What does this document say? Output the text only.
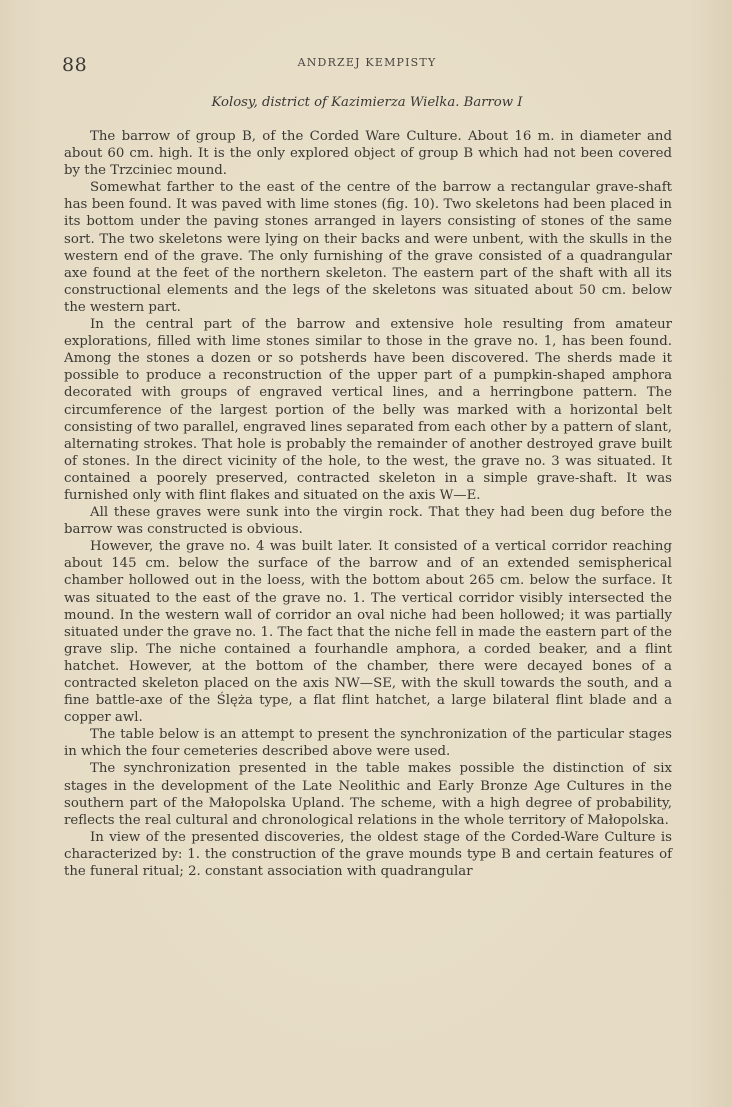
88	ANDRZEJ KEMPISTY
Kolosy, district of Kazimierza Wielka. Barrow I

The barrow of group B, of the Corded Ware Culture. About 16 m. in diameter and about 60 cm. high. It is the only explored object of group B which had not been covered by the Trzciniec mound.

Somewhat farther to the east of the centre of the barrow a rectangular grave-shaft has been found. It was paved with lime stones (fig. 10). Two skeletons had been placed in its bottom under the paving stones arranged in layers consisting of stones of the same sort. The two skeletons were lying on their backs and were unbent, with the skulls in the western end of the grave. The only furnishing of the grave consisted of a quadrangular axe found at the feet of the northern skeleton. The eastern part of the shaft with all its constructional elements and the legs of the skeletons was situated about 50 cm. below the western part.

In the central part of the barrow and extensive hole resulting from amateur explorations, filled with lime stones similar to those in the grave no. 1, has been found. Among the stones a dozen or so potsherds have been discovered. The sherds made it possible to produce a reconstruction of the upper part of a pumpkin-shaped amphora decorated with groups of engraved vertical lines, and a herringbone pattern. The circumference of the largest portion of the belly was marked with a horizontal belt consisting of two parallel, engraved lines separated from each other by a pattern of slant, alternating strokes. That hole is probably the remainder of another destroyed grave built of stones. In the direct vicinity of the hole, to the west, the grave no. 3 was situated. It contained a poorely preserved, contracted skeleton in a simple grave-shaft. It was furnished only with flint flakes and situated on the axis W—E.

All these graves were sunk into the virgin rock. That they had been dug before the barrow was constructed is obvious.

However, the grave no. 4 was built later. It consisted of a vertical corridor reaching about 145 cm. below the surface of the barrow and of an extended semispherical chamber hollowed out in the loess, with the bottom about 265 cm. below the surface. It was situated to the east of the grave no. 1. The vertical corridor visibly intersected the mound. In the western wall of corridor an oval niche had been hollowed; it was partially situated under the grave no. 1. The fact that the niche fell in made the eastern part of the grave slip. The niche contained a fourhandle amphora, a corded beaker, and a flint hatchet. However, at the bottom of the chamber, there were decayed bones of a contracted skeleton placed on the axis NW—SE, with the skull towards the south, and a fine battle-axe of the Ślęża type, a flat flint hatchet, a large bilateral flint blade and a copper awl.

The table below is an attempt to present the synchronization of the particular stages in which the four cemeteries described above were used.

The synchronization presented in the table makes possible the distinction of six stages in the development of the Late Neolithic and Early Bronze Age Cultures in the southern part of the Małopolska Upland. The scheme, with a high degree of probability, reflects the real cultural and chronological relations in the whole territory of Małopolska.

In view of the presented discoveries, the oldest stage of the Corded-Ware Culture is characterized by: 1. the construction of the grave mounds type B and certain features of the funeral ritual; 2. constant association with quadrangular
